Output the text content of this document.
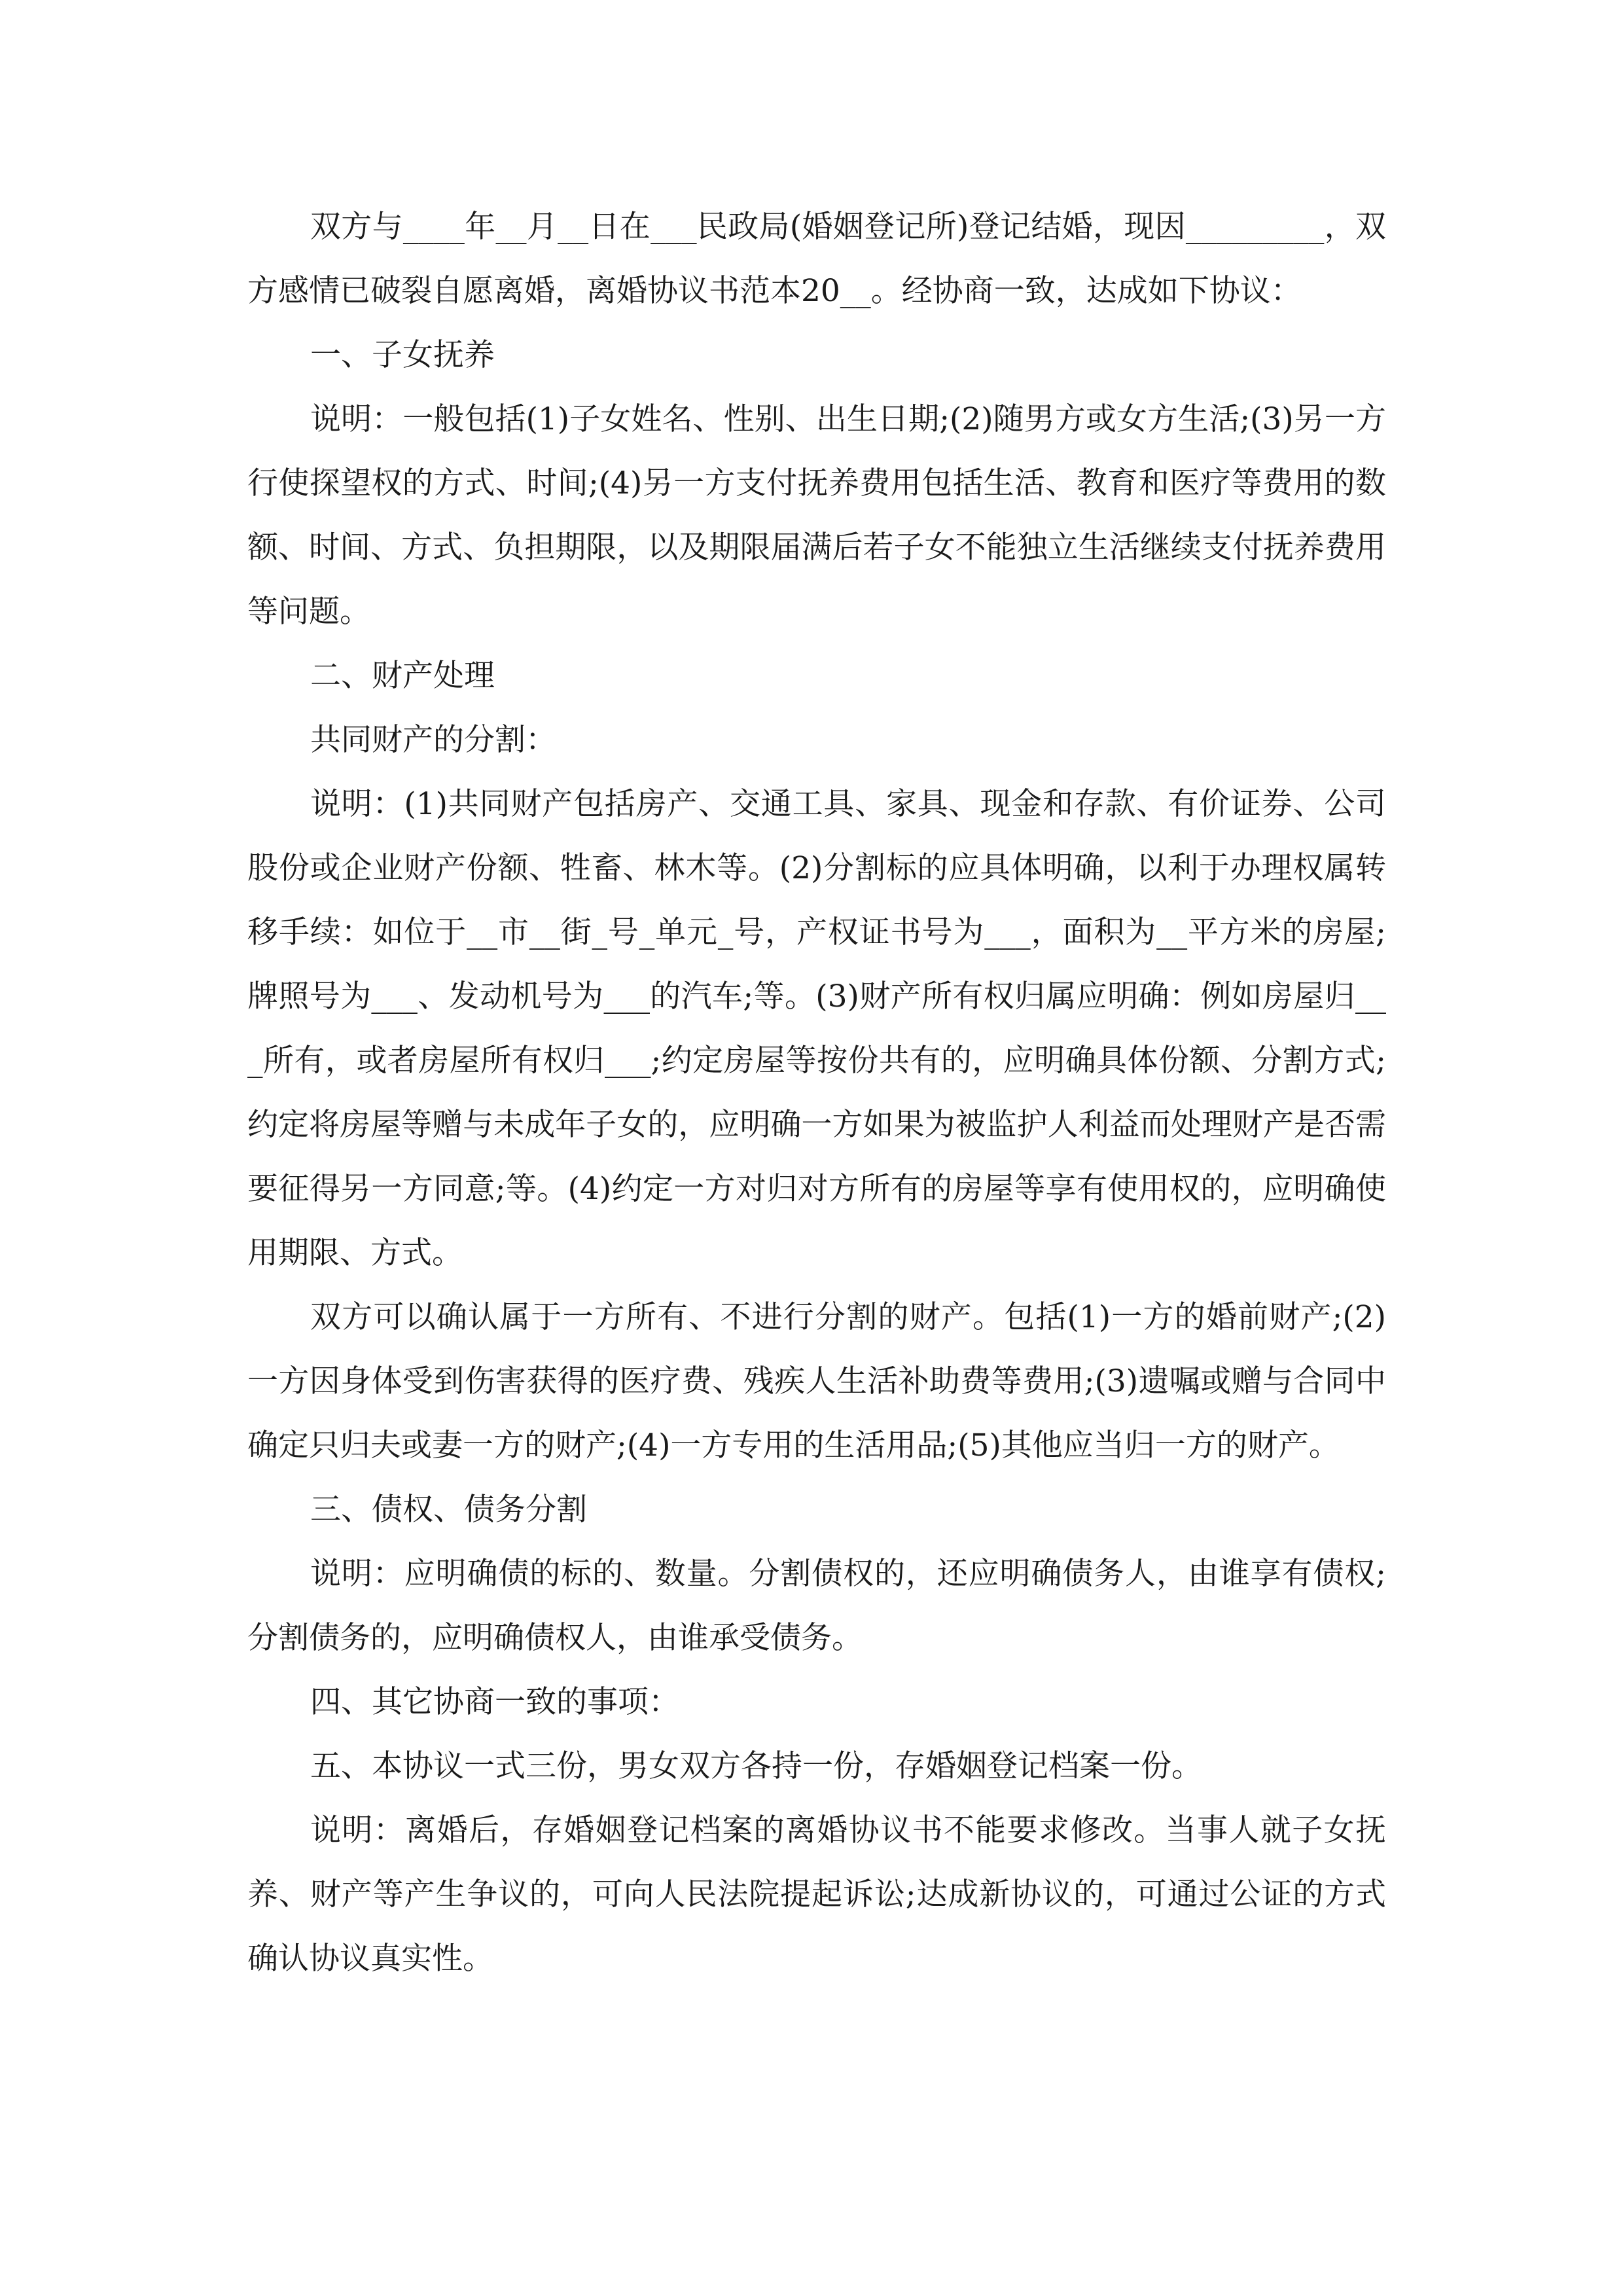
双方与____年__月__日在___民政局(婚姻登记所)登记结婚，现因_________，双方感情已破裂自愿离婚，离婚协议书范本20__。经协商一致，达成如下协议：

一、子女抚养

说明：一般包括(1)子女姓名、性别、出生日期;(2)随男方或女方生活;(3)另一方行使探望权的方式、时间;(4)另一方支付抚养费用包括生活、教育和医疗等费用的数额、时间、方式、负担期限，以及期限届满后若子女不能独立生活继续支付抚养费用等问题。

二、财产处理

共同财产的分割：

说明：(1)共同财产包括房产、交通工具、家具、现金和存款、有价证券、公司股份或企业财产份额、牲畜、林木等。(2)分割标的应具体明确，以利于办理权属转移手续：如位于__市__街_号_单元_号，产权证书号为___，面积为__平方米的房屋;牌照号为___、发动机号为___的汽车;等。(3)财产所有权归属应明确：例如房屋归___所有，或者房屋所有权归___;约定房屋等按份共有的，应明确具体份额、分割方式;约定将房屋等赠与未成年子女的，应明确一方如果为被监护人利益而处理财产是否需要征得另一方同意;等。(4)约定一方对归对方所有的房屋等享有使用权的，应明确使用期限、方式。

双方可以确认属于一方所有、不进行分割的财产。包括(1)一方的婚前财产;(2)一方因身体受到伤害获得的医疗费、残疾人生活补助费等费用;(3)遗嘱或赠与合同中确定只归夫或妻一方的财产;(4)一方专用的生活用品;(5)其他应当归一方的财产。

三、债权、债务分割

说明：应明确债的标的、数量。分割债权的，还应明确债务人，由谁享有债权;分割债务的，应明确债权人，由谁承受债务。

四、其它协商一致的事项：

五、本协议一式三份，男女双方各持一份，存婚姻登记档案一份。

说明：离婚后，存婚姻登记档案的离婚协议书不能要求修改。当事人就子女抚养、财产等产生争议的，可向人民法院提起诉讼;达成新协议的，可通过公证的方式确认协议真实性。
